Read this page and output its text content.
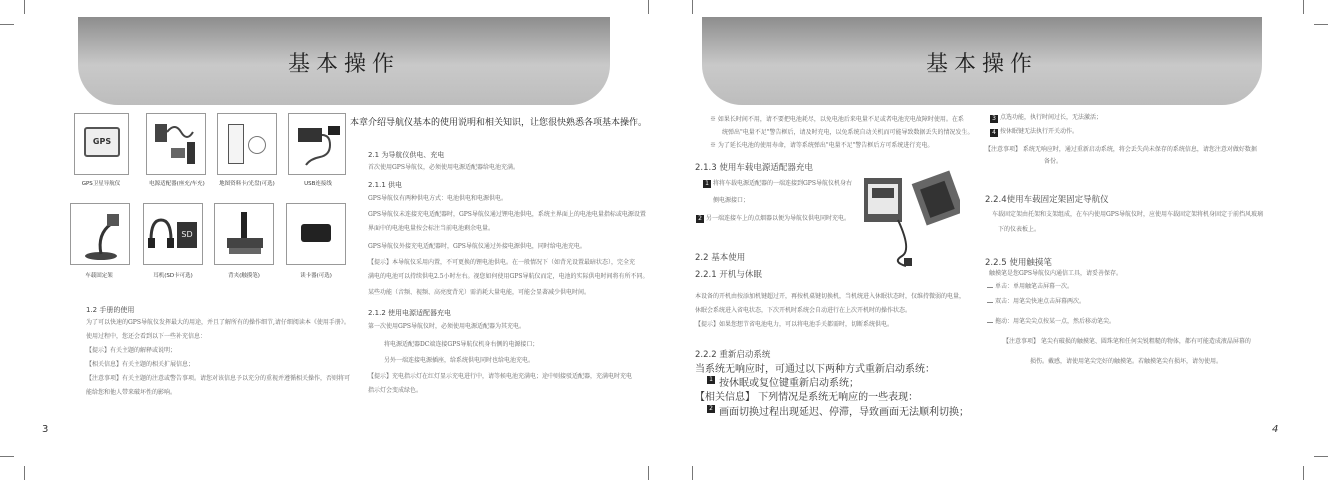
基本操作
GPS
GPS卫星导航仪	电源适配器(座充/车充)	地图资料卡/光盘(可选)	USB连接线
车载固定架
SD
耳机(SD卡可选)	背夹(触摸笔)	读卡器(可选)
1.2 手册的使用
为了可以快速的GPS导航仪发挥最大的用途，并且了解所有的操作细节,请仔细阅读本《使用手册》。
使用过程中，您还会看到以下一些补充信息：
【提示】有关主题的解释或说明；
【相关信息】有关主题的相关扩展信息；
【注意事项】有关主题的注意或警告事项。请您对该信息予以充分的重视并遵循相关操作，否则将可
能给您和他人带来破坏性的影响。
本章介绍导航仪基本的使用说明和相关知识，让您很快熟悉各项基本操作。
2.1 为导航仪供电、充电
首次使用GPS导航仪，必须使用电源适配器给电池充满。
2.1.1 供电
GPS导航仪有两种供电方式：电池供电和电源供电。
GPS导航仪未连接充电适配器时，GPS导航仪通过锂电池供电，系统主界面上的电池电量指标或电源设置
界面中的电池电量按会标注当前电池剩余电量。
GPS导航仪外接充电适配器时，GPS导航仪通过外接电源供电，同时给电池充电。
【提示】本导航仪采用内置，不可更换的锂电池供电。在一般情况下（如背光设置最暗状态），完全充
满电的电池可以持续供电2.5小时左右。视您如何使用GPS导航仪而定，电池的实际供电时间将有所不同。
某些功能（音频、视频、高亮度背光）需消耗大量电能，可能会显著减少供电时间。
2.1.2 使用电源适配器充电
第一次使用GPS导航仪时，必须使用电源适配器为其充电。
将电源适配器DC端连接GPS导航仪机身右侧的电源接口；
另外一端连接电源插座，给系统供电同时也给电池充电。
【提示】充电指示灯在红灯显示充电进行中，请等候电池充满电；途中则接驳适配器，充满电时充电
指示灯会变成绿色。
3
基本操作
※ 如果长时间不用，请不要把电池耗尽，以免电池后来电量不足或者电池充电故障时使用。在系
统弹出"电量不足"警告框后，请及时充电，以免系统自动关机而可能导致数据丢失的情况发生。
※ 为了延长电池的使用寿命，请等系统弹出"电量不足"警告框后方可系统进行充电。
2.1.3 使用车载电源适配器充电
1 将将车载电源适配器的一端连接到GPS导航仪机身右
侧电源接口；
2 另一端连接车上的点烟器以便为导航仪供电同时充电。
2.2 基本使用
2.2.1 开机与休眠
本设备的开机由按添加机键超过开，再按机桌键切换机，当机统进入休眠状态时，仅维持微弱的电量，
休眠会系统进入省电状态，下次开机时系统会自动进行在上次开机时的操作状态。
【提示】如果您想节省电池电力，可以将电池手关都需时，切断系统供电。
2.2.2 重新启动系统
当系统无响应时，可通过以下两种方式重新启动系统：
1 按休眠或复位键重新启动系统；
【相关信息】 下列情况是系统无响应的一些表现：
2 画面切换过程出现延迟、停滞，导致画面无法顺利切换；
3 点选功能，执行时间过长，无法激活；
4 按休眠键无法执行开关动作。
【注意事项】 系统无响应时，通过重新启动系统，将会丢失尚未保存的系统信息，请您注意对做好数据
备份。
2.2.4使用车载固定架固定导航仪
车载固定架由托架和支架组成，在车内使用GPS导航仪时，应使用车载固定架将机身固定于前挡风玻璃
下的仪表板上。
2.2.5 使用触摸笔
触摸笔是您GPS导航仪内通信工具，请妥善保存。
单击：单用触笔击屏幕一次。
双击：用笔尖快速点击屏幕两次。
拖动：用笔尖尖点按某一点，然后移动笔尖。
【注意事项】 笔尖有破损的触摸笔、圆珠笔和任何尖锐粗糙的物体，都有可能造成液晶屏幕的
损伤。戴感，请使用笔尖完好的触摸笔。若触摸笔尖有损坏，请勿使用。
4
